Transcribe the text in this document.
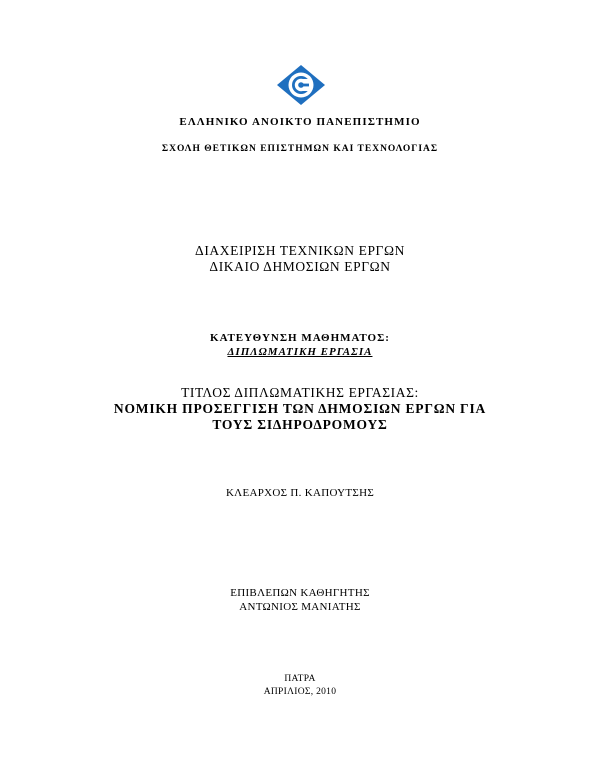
ΕΛΛΗΝΙΚΟ ΑΝΟΙΚΤΟ ΠΑΝΕΠΙΣΤΗΜΙΟ
ΣΧΟΛΗ ΘΕΤΙΚΩΝ ΕΠΙΣΤΗΜΩΝ ΚΑΙ ΤΕΧΝΟΛΟΓΙΑΣ
ΔΙΑΧΕΙΡΙΣΗ ΤΕΧΝΙΚΩΝ ΕΡΓΩΝ
ΔΙΚΑΙΟ ΔΗΜΟΣΙΩΝ ΕΡΓΩΝ
ΚΑΤΕΥΘΥΝΣΗ ΜΑΘΗΜΑΤΟΣ:
ΔΙΠΛΩΜΑΤΙΚΗ ΕΡΓΑΣΙΑ
ΤΙΤΛΟΣ ΔΙΠΛΩΜΑΤΙΚΗΣ ΕΡΓΑΣΙΑΣ:
ΝΟΜΙΚΗ ΠΡΟΣΕΓΓΙΣΗ ΤΩΝ ΔΗΜΟΣΙΩΝ ΕΡΓΩΝ ΓΙΑ
ΤΟΥΣ ΣΙΔΗΡΟΔΡΟΜΟΥΣ
ΚΛΕΑΡΧΟΣ Π. ΚΑΠΟΥΤΣΗΣ
ΕΠΙΒΛΕΠΩΝ ΚΑΘΗΓΗΤΗΣ
ΑΝΤΩΝΙΟΣ ΜΑΝΙΑΤΗΣ
ΠΑΤΡΑ
ΑΠΡΙΛΙΟΣ, 2010
